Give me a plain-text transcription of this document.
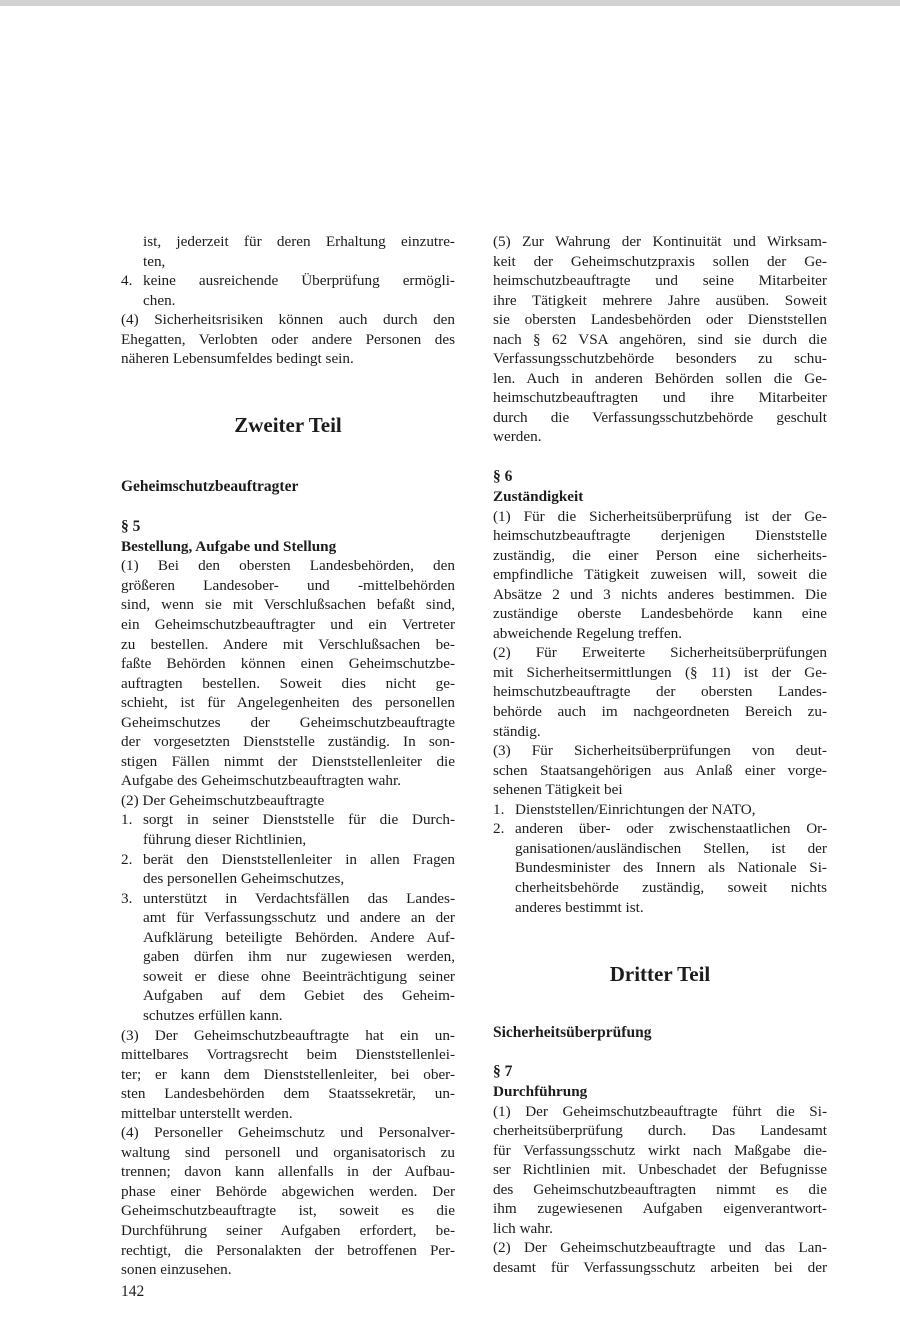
ist, jederzeit für deren Erhaltung einzutre-
ten,
4. keine ausreichende Überprüfung ermögli-
chen.
(4) Sicherheitsrisiken können auch durch den
Ehegatten, Verlobten oder andere Personen des
näheren Lebensumfeldes bedingt sein.
Zweiter Teil
Geheimschutzbeauftragter
§ 5
Bestellung, Aufgabe und Stellung
(1) Bei den obersten Landesbehörden, den
größeren Landesober- und -mittelbehörden
sind, wenn sie mit Verschlußsachen befaßt sind,
ein Geheimschutzbeauftragter und ein Vertreter
zu bestellen. Andere mit Verschlußsachen be-
faßte Behörden können einen Geheimschutzbe-
auftragten bestellen. Soweit dies nicht ge-
schieht, ist für Angelegenheiten des personellen
Geheimschutzes der Geheimschutzbeauftragte
der vorgesetzten Dienststelle zuständig. In son-
stigen Fällen nimmt der Dienststellenleiter die
Aufgabe des Geheimschutzbeauftragten wahr.
(2) Der Geheimschutzbeauftragte
1. sorgt in seiner Dienststelle für die Durch-
führung dieser Richtlinien,
2. berät den Dienststellenleiter in allen Fragen
des personellen Geheimschutzes,
3. unterstützt in Verdachtsfällen das Landes-
amt für Verfassungsschutz und andere an der
Aufklärung beteiligte Behörden. Andere Auf-
gaben dürfen ihm nur zugewiesen werden,
soweit er diese ohne Beeinträchtigung seiner
Aufgaben auf dem Gebiet des Geheim-
schutzes erfüllen kann.
(3) Der Geheimschutzbeauftragte hat ein un-
mittelbares Vortragsrecht beim Dienststellenlei-
ter; er kann dem Dienststellenleiter, bei ober-
sten Landesbehörden dem Staatssekretär, un-
mittelbar unterstellt werden.
(4) Personeller Geheimschutz und Personalver-
waltung sind personell und organisatorisch zu
trennen; davon kann allenfalls in der Aufbau-
phase einer Behörde abgewichen werden. Der
Geheimschutzbeauftragte ist, soweit es die
Durchführung seiner Aufgaben erfordert, be-
rechtigt, die Personalakten der betroffenen Per-
sonen einzusehen.
(5) Zur Wahrung der Kontinuität und Wirksam-
keit der Geheimschutzpraxis sollen der Ge-
heimschutzbeauftragte und seine Mitarbeiter
ihre Tätigkeit mehrere Jahre ausüben. Soweit
sie obersten Landesbehörden oder Dienststellen
nach § 62 VSA angehören, sind sie durch die
Verfassungsschutzbehörde besonders zu schu-
len. Auch in anderen Behörden sollen die Ge-
heimschutzbeauftragten und ihre Mitarbeiter
durch die Verfassungsschutzbehörde geschult
werden.
§ 6
Zuständigkeit
(1) Für die Sicherheitsüberprüfung ist der Ge-
heimschutzbeauftragte derjenigen Dienststelle
zuständig, die einer Person eine sicherheits-
empfindliche Tätigkeit zuweisen will, soweit die
Absätze 2 und 3 nichts anderes bestimmen. Die
zuständige oberste Landesbehörde kann eine
abweichende Regelung treffen.
(2) Für Erweiterte Sicherheitsüberprüfungen
mit Sicherheitsermittlungen (§ 11) ist der Ge-
heimschutzbeauftragte der obersten Landes-
behörde auch im nachgeordneten Bereich zu-
ständig.
(3) Für Sicherheitsüberprüfungen von deut-
schen Staatsangehörigen aus Anlaß einer vorge-
sehenen Tätigkeit bei
1. Dienststellen/Einrichtungen der NATO,
2. anderen über- oder zwischenstaatlichen Or-
ganisationen/ausländischen Stellen, ist der
Bundesminister des Innern als Nationale Si-
cherheitsbehörde zuständig, soweit nichts
anderes bestimmt ist.
Dritter Teil
Sicherheitsüberprüfung
§ 7
Durchführung
(1) Der Geheimschutzbeauftragte führt die Si-
cherheitsüberprüfung durch. Das Landesamt
für Verfassungsschutz wirkt nach Maßgabe die-
ser Richtlinien mit. Unbeschadet der Befugnisse
des Geheimschutzbeauftragten nimmt es die
ihm zugewiesenen Aufgaben eigenverantwort-
lich wahr.
(2) Der Geheimschutzbeauftragte und das Lan-
desamt für Verfassungsschutz arbeiten bei der
142
